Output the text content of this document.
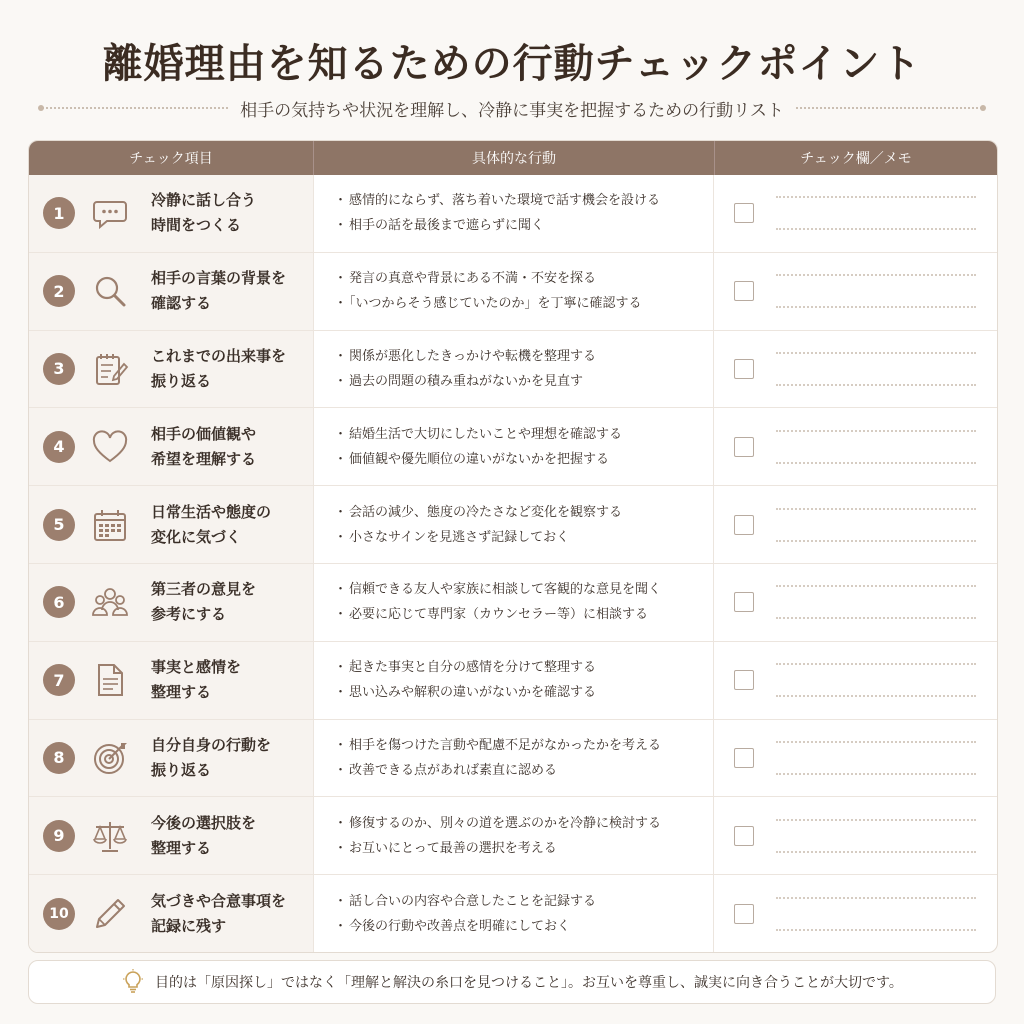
離婚理由を知るための行動チェックポイント
相手の気持ちや状況を理解し、冷静に事実を把握するための行動リスト
チェック項目	具体的な行動	チェック欄／メモ
1
冷静に話し合う
時間をつくる
・ 感情的にならず、落ち着いた環境で話す機会を設ける
・ 相手の話を最後まで遮らずに聞く
2
相手の言葉の背景を
確認する
・ 発言の真意や背景にある不満・不安を探る
・ 「いつからそう感じていたのか」を丁寧に確認する
3
これまでの出来事を
振り返る
・ 関係が悪化したきっかけや転機を整理する
・ 過去の問題の積み重ねがないかを見直す
4
相手の価値観や
希望を理解する
・ 結婚生活で大切にしたいことや理想を確認する
・ 価値観や優先順位の違いがないかを把握する
5
日常生活や態度の
変化に気づく
・ 会話の減少、態度の冷たさなど変化を観察する
・ 小さなサインを見逃さず記録しておく
6
第三者の意見を
参考にする
・ 信頼できる友人や家族に相談して客観的な意見を聞く
・ 必要に応じて専門家（カウンセラー等）に相談する
7
事実と感情を
整理する
・ 起きた事実と自分の感情を分けて整理する
・ 思い込みや解釈の違いがないかを確認する
8
自分自身の行動を
振り返る
・ 相手を傷つけた言動や配慮不足がなかったかを考える
・ 改善できる点があれば素直に認める
9
今後の選択肢を
整理する
・ 修復するのか、別々の道を選ぶのかを冷静に検討する
・ お互いにとって最善の選択を考える
10
気づきや合意事項を
記録に残す
・ 話し合いの内容や合意したことを記録する
・ 今後の行動や改善点を明確にしておく
目的は「原因探し」ではなく「理解と解決の糸口を見つけること」。お互いを尊重し、誠実に向き合うことが大切です。
